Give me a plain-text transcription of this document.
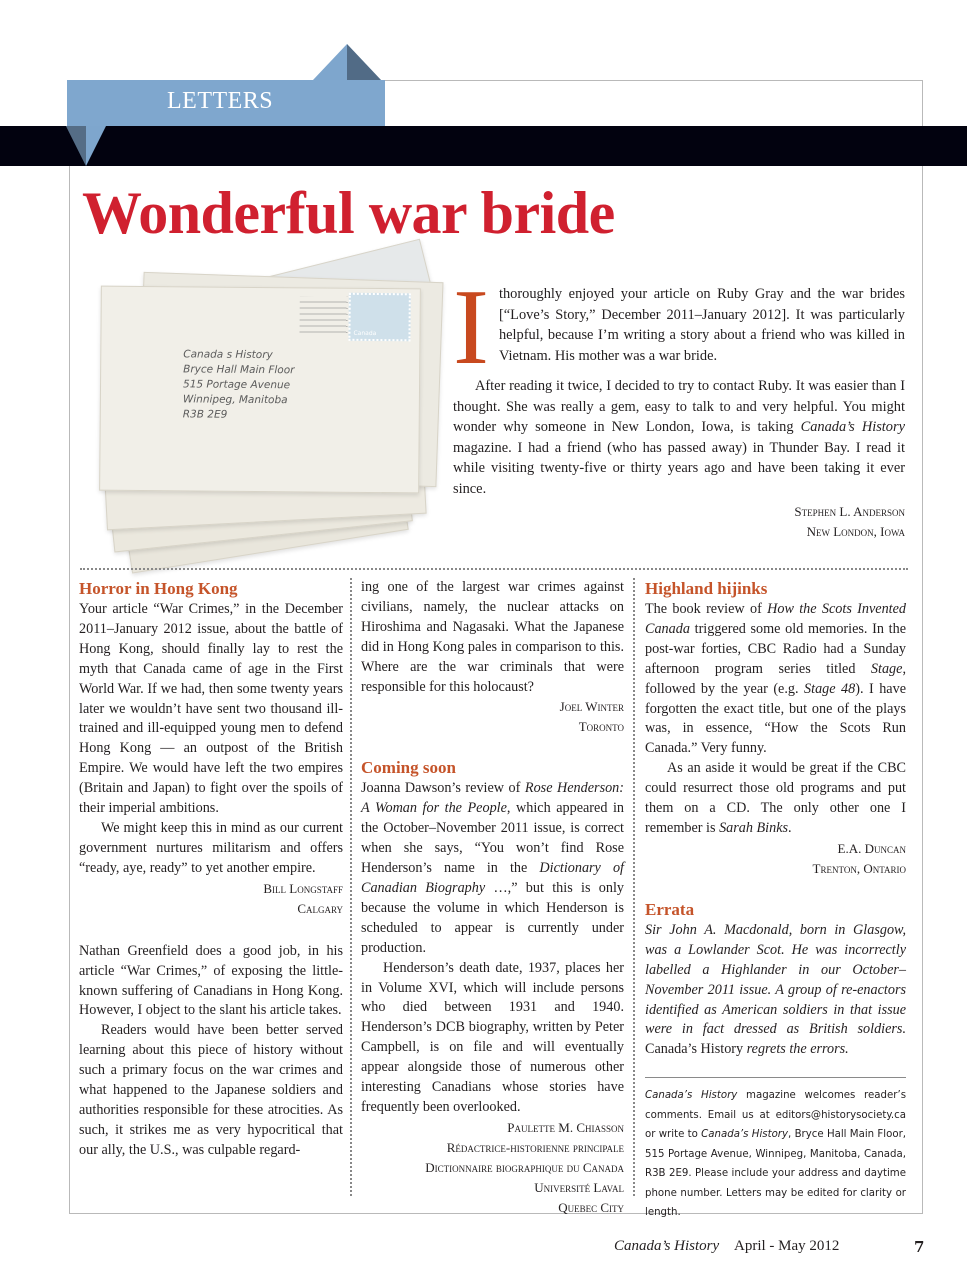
LETTERS
Wonderful war bride
Canada
Canada s History
Bryce Hall Main Floor
515 Portage Avenue
Winnipeg, Manitoba
R3B 2E9
I thoroughly enjoyed your article on Ruby Gray and the war brides [“Love’s Story,” December 2011–January 2012]. It was particularly helpful, because I’m writing a story about a friend who was killed in Vietnam. His mother was a war bride.

After reading it twice, I decided to try to contact Ruby. It was easier than I thought. She was really a gem, easy to talk to and very helpful. You might wonder why someone in New London, Iowa, is taking Canada’s History magazine. I had a friend (who has passed away) in Thunder Bay. I read it while visiting twenty-five or thirty years ago and have been taking it ever since.

Stephen L. Anderson
New London, Iowa
Horror in Hong Kong

Your article “War Crimes,” in the December 2011–January 2012 issue, about the battle of Hong Kong, should finally lay to rest the myth that Canada came of age in the First World War. If we had, then some twenty years later we wouldn’t have sent two thousand ill-trained and ill-equipped young men to defend Hong Kong — an outpost of the British Empire. We would have left the two empires (Britain and Japan) to fight over the spoils of their imperial ambitions.

We might keep this in mind as our current government nurtures militarism and offers “ready, aye, ready” to yet another empire.

Bill Longstaff
Calgary

Nathan Greenfield does a good job, in his article “War Crimes,” of exposing the little-known suffering of Canadians in Hong Kong. However, I object to the slant his article takes.

Readers would have been better served learning about this piece of history without such a primary focus on the war crimes and what happened to the Japanese soldiers and authorities responsible for these atrocities. As such, it strikes me as very hypocritical that our ally, the U.S., was culpable regard-

ing one of the largest war crimes against civilians, namely, the nuclear attacks on Hiroshima and Nagasaki. What the Japanese did in Hong Kong pales in comparison to this. Where are the war criminals that were responsible for this holocaust?

Joel Winter
Toronto
Coming soon

Joanna Dawson’s review of Rose Henderson: A Woman for the People, which appeared in the October–November 2011 issue, is correct when she says, “You won’t find Rose Henderson’s name in the Dictionary of Canadian Biography …,” but this is only because the volume in which Henderson is scheduled to appear is currently under production.

Henderson’s death date, 1937, places her in Volume XVI, which will include persons who died between 1931 and 1940. Henderson’s DCB biography, written by Peter Campbell, is on file and will eventually appear alongside those of numerous other interesting Canadians whose stories have frequently been overlooked.

Paulette M. Chiasson
Rédactrice-historienne principale
Dictionnaire biographique du Canada
Université Laval
Quebec City
Highland hijinks

The book review of How the Scots Invented Canada triggered some old memories. In the post-war forties, CBC Radio had a Sunday afternoon program series titled Stage, followed by the year (e.g. Stage 48). I have forgotten the exact title, but one of the plays was, in essence, “How the Scots Run Canada.” Very funny.

As an aside it would be great if the CBC could resurrect those old programs and put them on a CD. The only other one I remember is Sarah Binks.

E.A. Duncan
Trenton, Ontario
Errata

Sir John A. Macdonald, born in Glasgow, was a Lowlander Scot. He was incorrectly labelled a Highlander in our October–November 2011 issue. A group of re-enactors identified as American soldiers in that issue were in fact dressed as British soldiers. Canada’s History regrets the errors.

Canada’s History magazine welcomes reader’s comments. Email us at editors@historysociety.ca or write to Canada’s History, Bryce Hall Main Floor, 515 Portage Avenue, Winnipeg, Manitoba, Canada, R3B 2E9. Please include your address and daytime phone number. Letters may be edited for clarity or length.

Canada’s History April - May 2012	7
